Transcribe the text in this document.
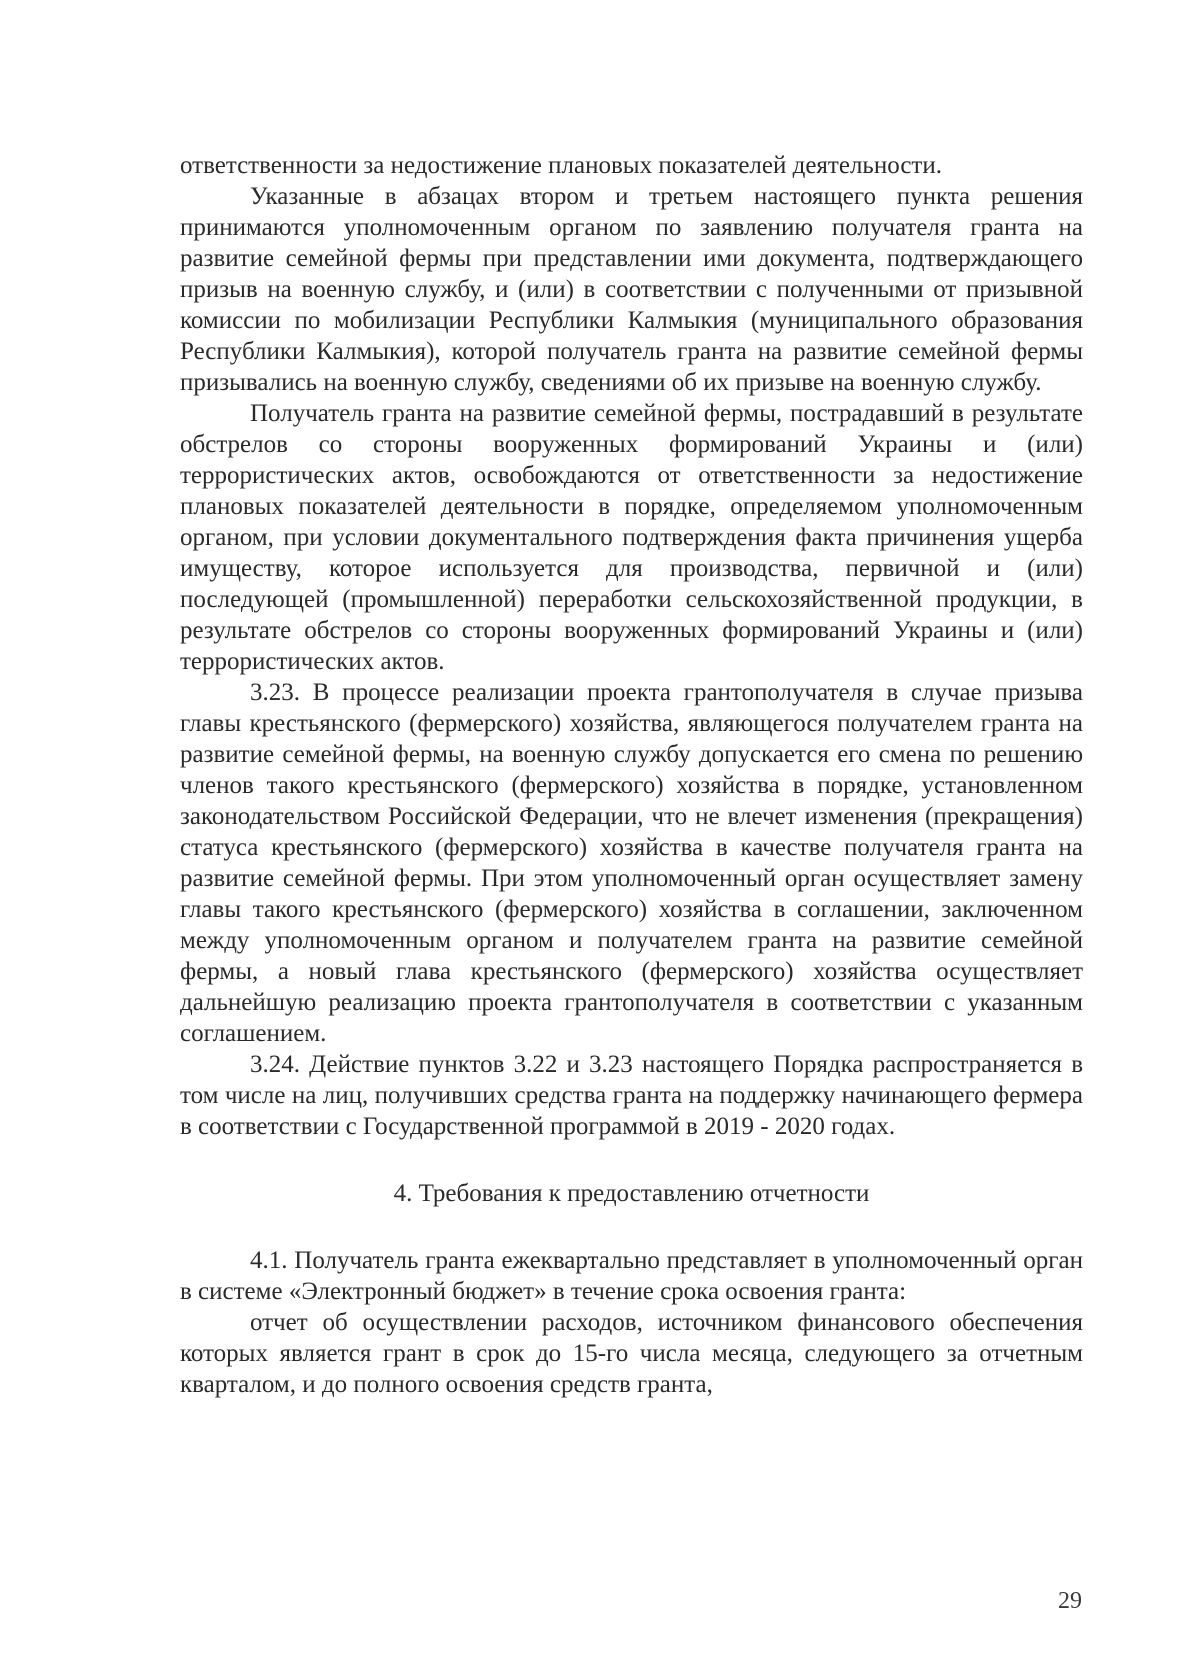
ответственности за недостижение плановых показателей деятельности.

Указанные в абзацах втором и третьем настоящего пункта решения принимаются уполномоченным органом по заявлению получателя гранта на развитие семейной фермы при представлении ими документа, подтверждающего призыв на военную службу, и (или) в соответствии с полученными от призывной комиссии по мобилизации Республики Калмыкия (муниципального образования Республики Калмыкия), которой получатель гранта на развитие семейной фермы призывались на военную службу, сведениями об их призыве на военную службу.

Получатель гранта на развитие семейной фермы, пострадавший в результате обстрелов со стороны вооруженных формирований Украины и (или) террористических актов, освобождаются от ответственности за недостижение плановых показателей деятельности в порядке, определяемом уполномоченным органом, при условии документального подтверждения факта причинения ущерба имуществу, которое используется для производства, первичной и (или) последующей (промышленной) переработки сельскохозяйственной продукции, в результате обстрелов со стороны вооруженных формирований Украины и (или) террористических актов.

3.23. В процессе реализации проекта грантополучателя в случае призыва главы крестьянского (фермерского) хозяйства, являющегося получателем гранта на развитие семейной фермы, на военную службу допускается его смена по решению членов такого крестьянского (фермерского) хозяйства в порядке, установленном законодательством Российской Федерации, что не влечет изменения (прекращения) статуса крестьянского (фермерского) хозяйства в качестве получателя гранта на развитие семейной фермы. При этом уполномоченный орган осуществляет замену главы такого крестьянского (фермерского) хозяйства в соглашении, заключенном между уполномоченным органом и получателем гранта на развитие семейной фермы, а новый глава крестьянского (фермерского) хозяйства осуществляет дальнейшую реализацию проекта грантополучателя в соответствии с указанным соглашением.

3.24. Действие пунктов 3.22 и 3.23 настоящего Порядка распространяется в том числе на лиц, получивших средства гранта на поддержку начинающего фермера в соответствии с Государственной программой в 2019 - 2020 годах.

4. Требования к предоставлению отчетности

4.1. Получатель гранта ежеквартально представляет в уполномоченный орган в системе «Электронный бюджет» в течение срока освоения гранта:

отчет об осуществлении расходов, источником финансового обеспечения которых является грант в срок до 15-го числа месяца, следующего за отчетным кварталом, и до полного освоения средств гранта,

29
